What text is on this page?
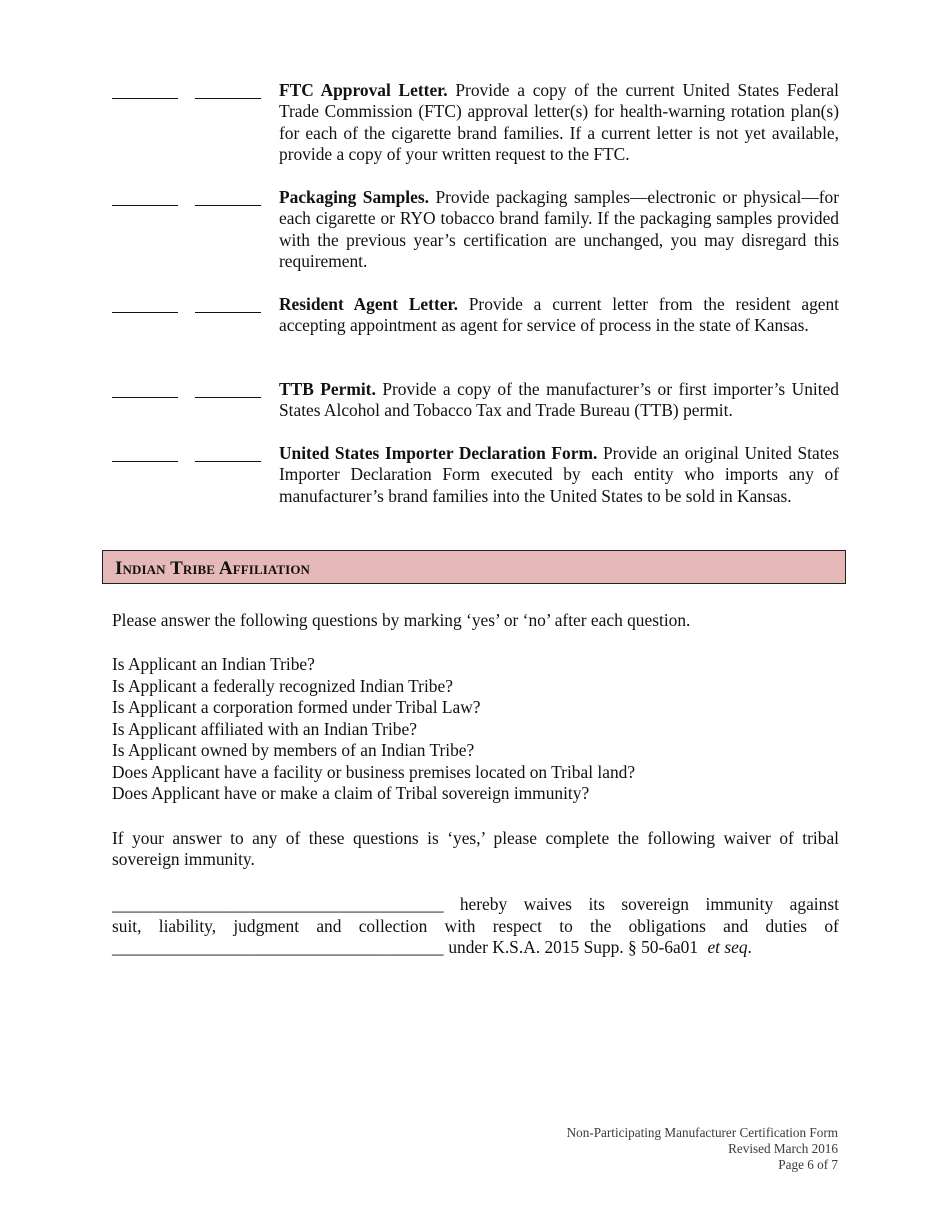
FTC Approval Letter. Provide a copy of the current United States Federal Trade Commission (FTC) approval letter(s) for health-warning rotation plan(s) for each of the cigarette brand families. If a current letter is not yet available, provide a copy of your written request to the FTC.

Packaging Samples. Provide packaging samples—electronic or physical—for each cigarette or RYO tobacco brand family. If the packaging samples provided with the previous year’s certification are unchanged, you may disregard this requirement.

Resident Agent Letter. Provide a current letter from the resident agent accepting appointment as agent for service of process in the state of Kansas.

TTB Permit. Provide a copy of the manufacturer’s or first importer’s United States Alcohol and Tobacco Tax and Trade Bureau (TTB) permit.

United States Importer Declaration Form. Provide an original United States Importer Declaration Form executed by each entity who imports any of manufacturer’s brand families into the United States to be sold in Kansas.

Indian Tribe Affiliation

Please answer the following questions by marking ‘yes’ or ‘no’ after each question.

Is Applicant an Indian Tribe?
Is Applicant a federally recognized Indian Tribe?
Is Applicant a corporation formed under Tribal Law?
Is Applicant affiliated with an Indian Tribe?
Is Applicant owned by members of an Indian Tribe?
Does Applicant have a facility or business premises located on Tribal land?
Does Applicant have or make a claim of Tribal sovereign immunity?

If your answer to any of these questions is ‘yes,’ please complete the following waiver of tribal sovereign immunity.

_______________________________________ hereby waives its sovereign immunity against
suit, liability, judgment and collection with respect to the obligations and duties of
_______________________________________ under K.S.A. 2015 Supp. § 50-6a01 et seq.
Non-Participating Manufacturer Certification Form
Revised March 2016
Page 6 of 7
